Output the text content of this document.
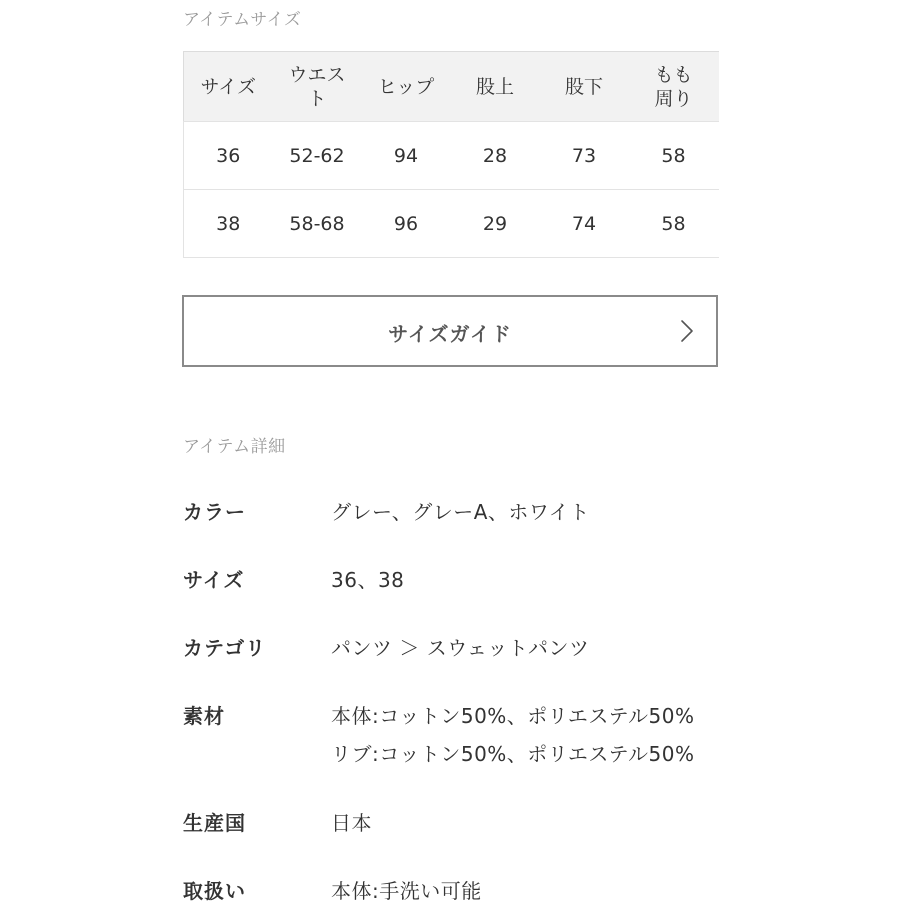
アイテムサイズ
サイズ	ウエスト	ヒップ	股上	股下	もも周り
36	52-62	94	28	73	58
38	58-68	96	29	74	58
サイズガイド
アイテム詳細
カラー	グレー、グレーA、ホワイト
サイズ	36、38
カテゴリ	パンツ ＞ スウェットパンツ
素材	本体:コットン50%、ポリエステル50%
リブ:コットン50%、ポリエステル50%
生産国	日本
取扱い	本体:手洗い可能
